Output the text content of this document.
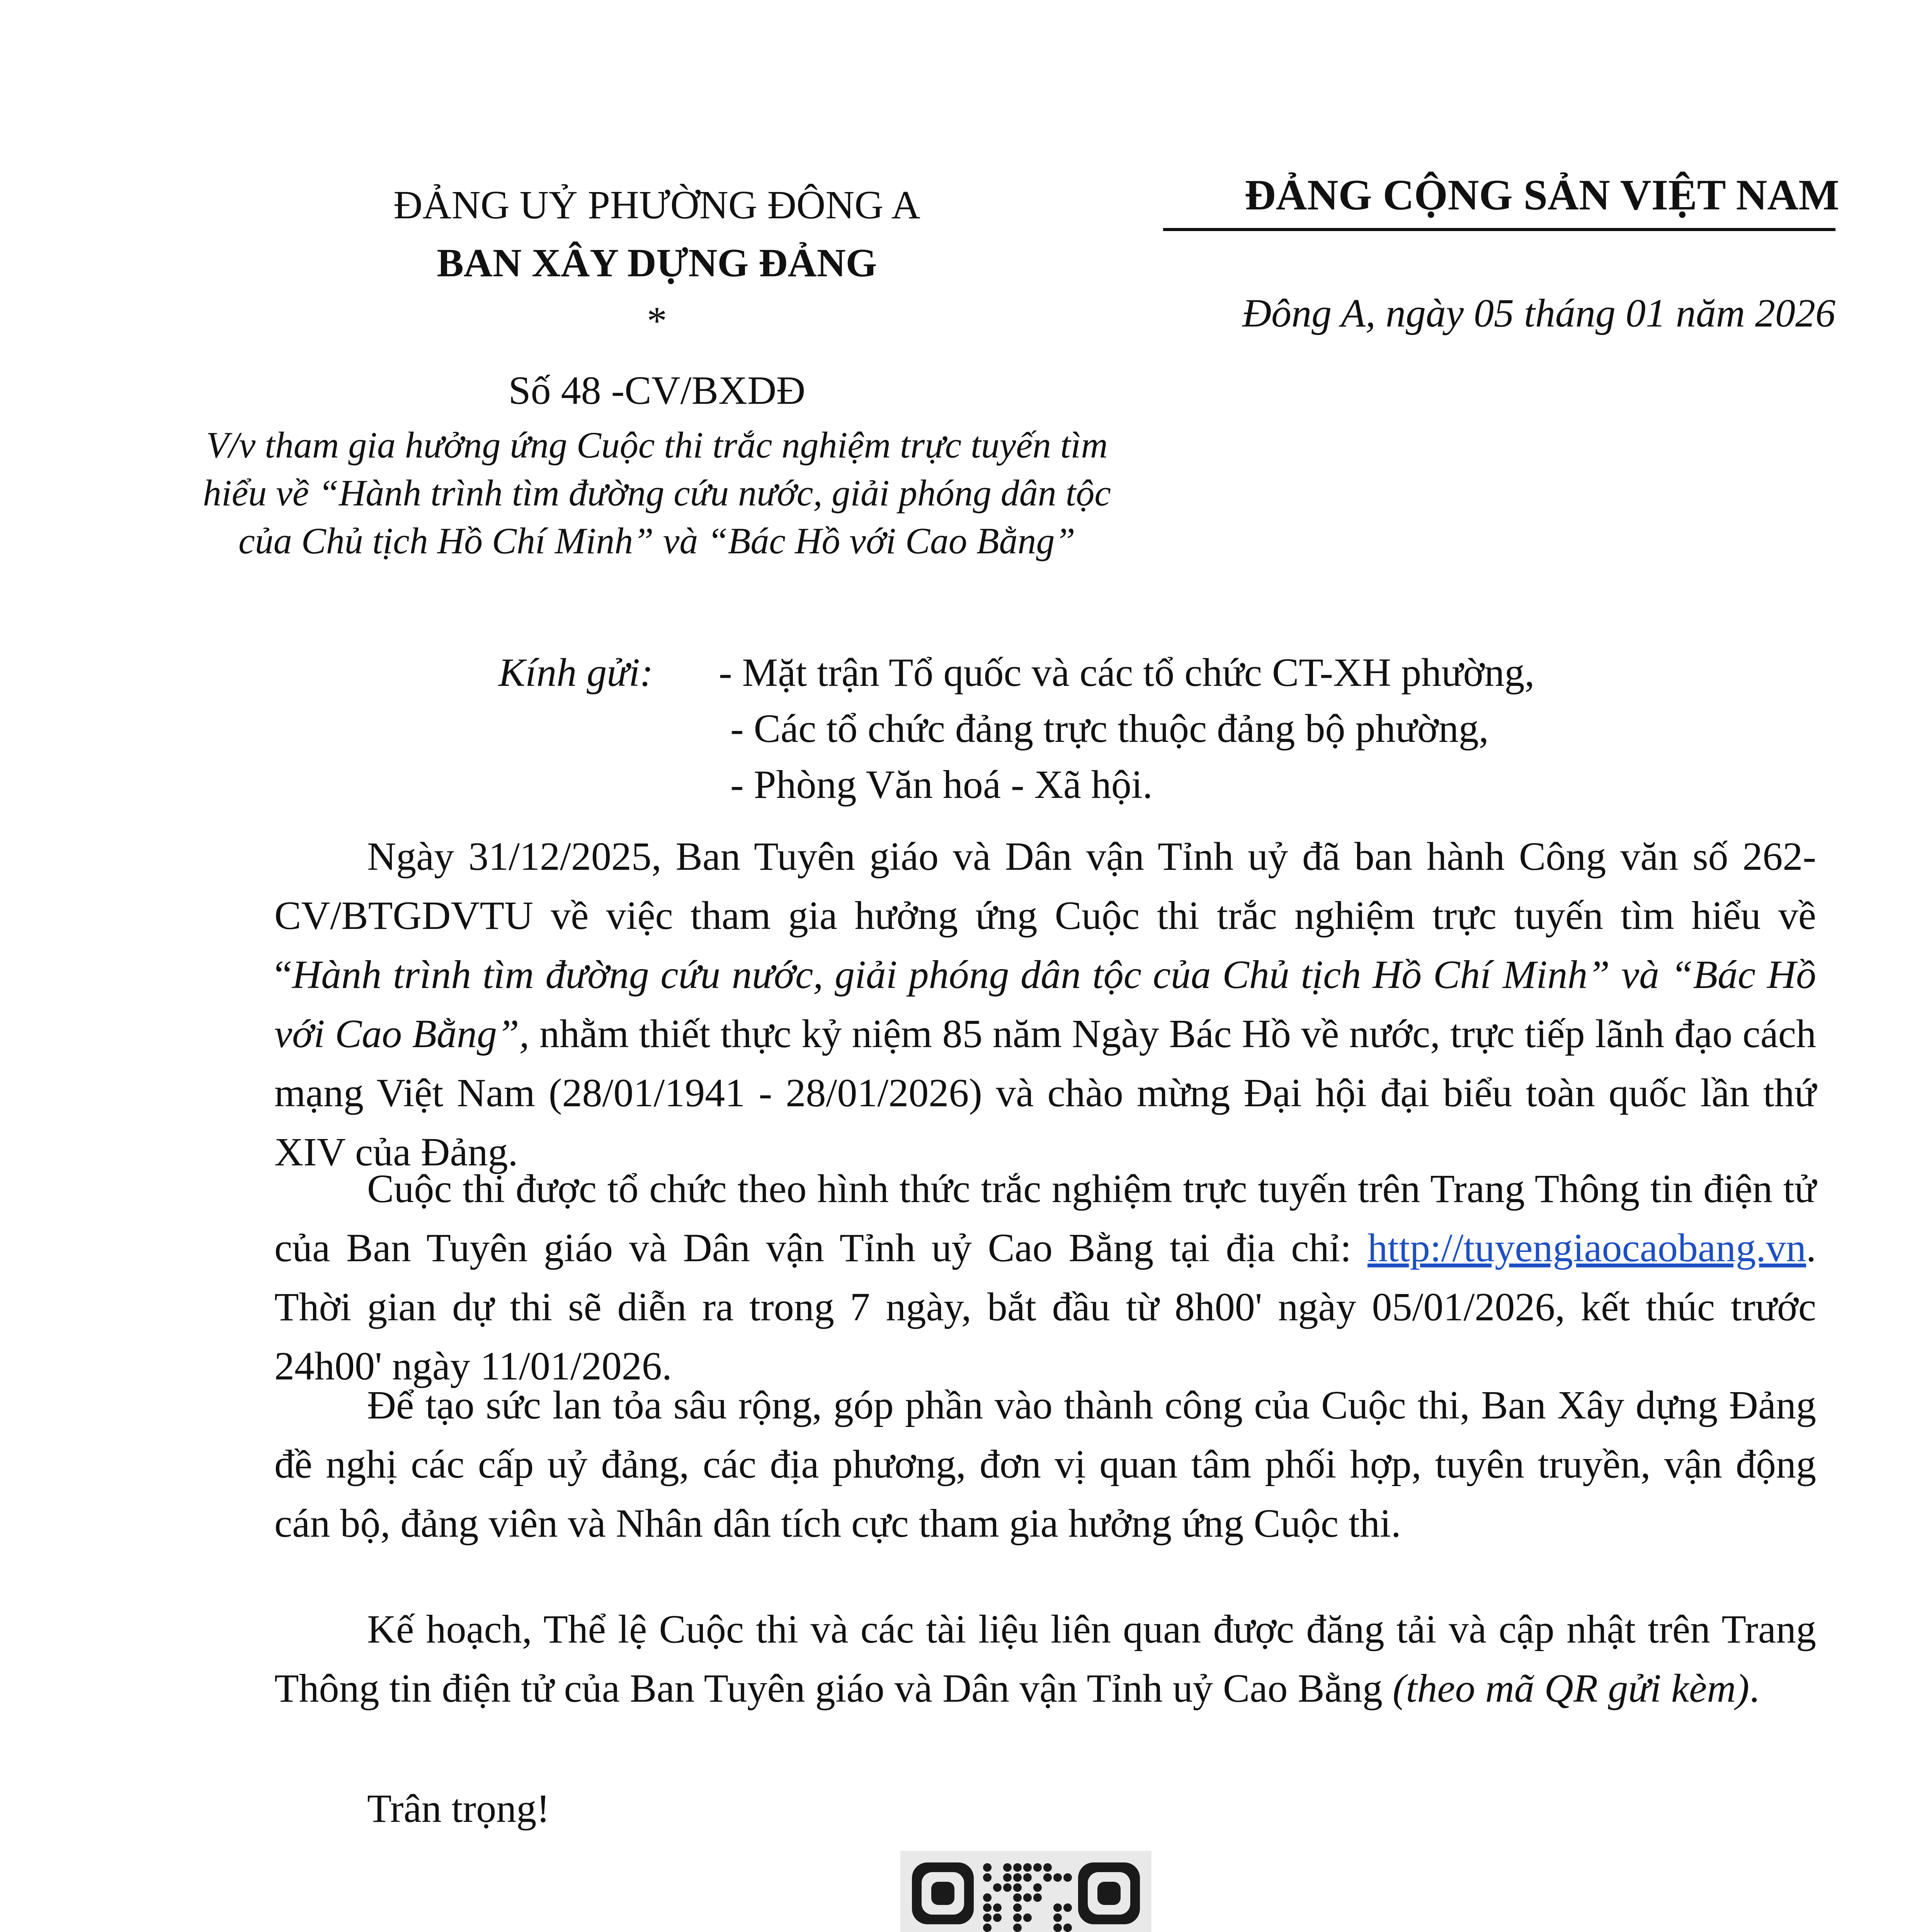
ĐẢNG UỶ PHƯỜNG ĐÔNG A
BAN XÂY DỰNG ĐẢNG
*
Số 48 -CV/BXDĐ
V/v tham gia hưởng ứng Cuộc thi trắc nghiệm trực tuyến tìm hiểu về “Hành trình tìm đường cứu nước, giải phóng dân tộc của Chủ tịch Hồ Chí Minh” và “Bác Hồ với Cao Bằng”
ĐẢNG CỘNG SẢN VIỆT NAM
Đông A, ngày 05 tháng 01 năm 2026
Kính gửi: - Mặt trận Tổ quốc và các tổ chức CT-XH phường,
- Các tổ chức đảng trực thuộc đảng bộ phường,
- Phòng Văn hoá - Xã hội.
Ngày 31/12/2025, Ban Tuyên giáo và Dân vận Tỉnh uỷ đã ban hành Công văn số 262-CV/BTGDVTU về việc tham gia hưởng ứng Cuộc thi trắc nghiệm trực tuyến tìm hiểu về “Hành trình tìm đường cứu nước, giải phóng dân tộc của Chủ tịch Hồ Chí Minh” và “Bác Hồ với Cao Bằng”, nhằm thiết thực kỷ niệm 85 năm Ngày Bác Hồ về nước, trực tiếp lãnh đạo cách mạng Việt Nam (28/01/1941 - 28/01/2026) và chào mừng Đại hội đại biểu toàn quốc lần thứ XIV của Đảng.
Cuộc thi được tổ chức theo hình thức trắc nghiệm trực tuyến trên Trang Thông tin điện tử của Ban Tuyên giáo và Dân vận Tỉnh uỷ Cao Bằng tại địa chỉ: http://tuyengiaocaobang.vn. Thời gian dự thi sẽ diễn ra trong 7 ngày, bắt đầu từ 8h00' ngày 05/01/2026, kết thúc trước 24h00' ngày 11/01/2026.
Để tạo sức lan tỏa sâu rộng, góp phần vào thành công của Cuộc thi, Ban Xây dựng Đảng đề nghị các cấp uỷ đảng, các địa phương, đơn vị quan tâm phối hợp, tuyên truyền, vận động cán bộ, đảng viên và Nhân dân tích cực tham gia hưởng ứng Cuộc thi.
Kế hoạch, Thể lệ Cuộc thi và các tài liệu liên quan được đăng tải và cập nhật trên Trang Thông tin điện tử của Ban Tuyên giáo và Dân vận Tỉnh uỷ Cao Bằng (theo mã QR gửi kèm).
Trân trọng!
